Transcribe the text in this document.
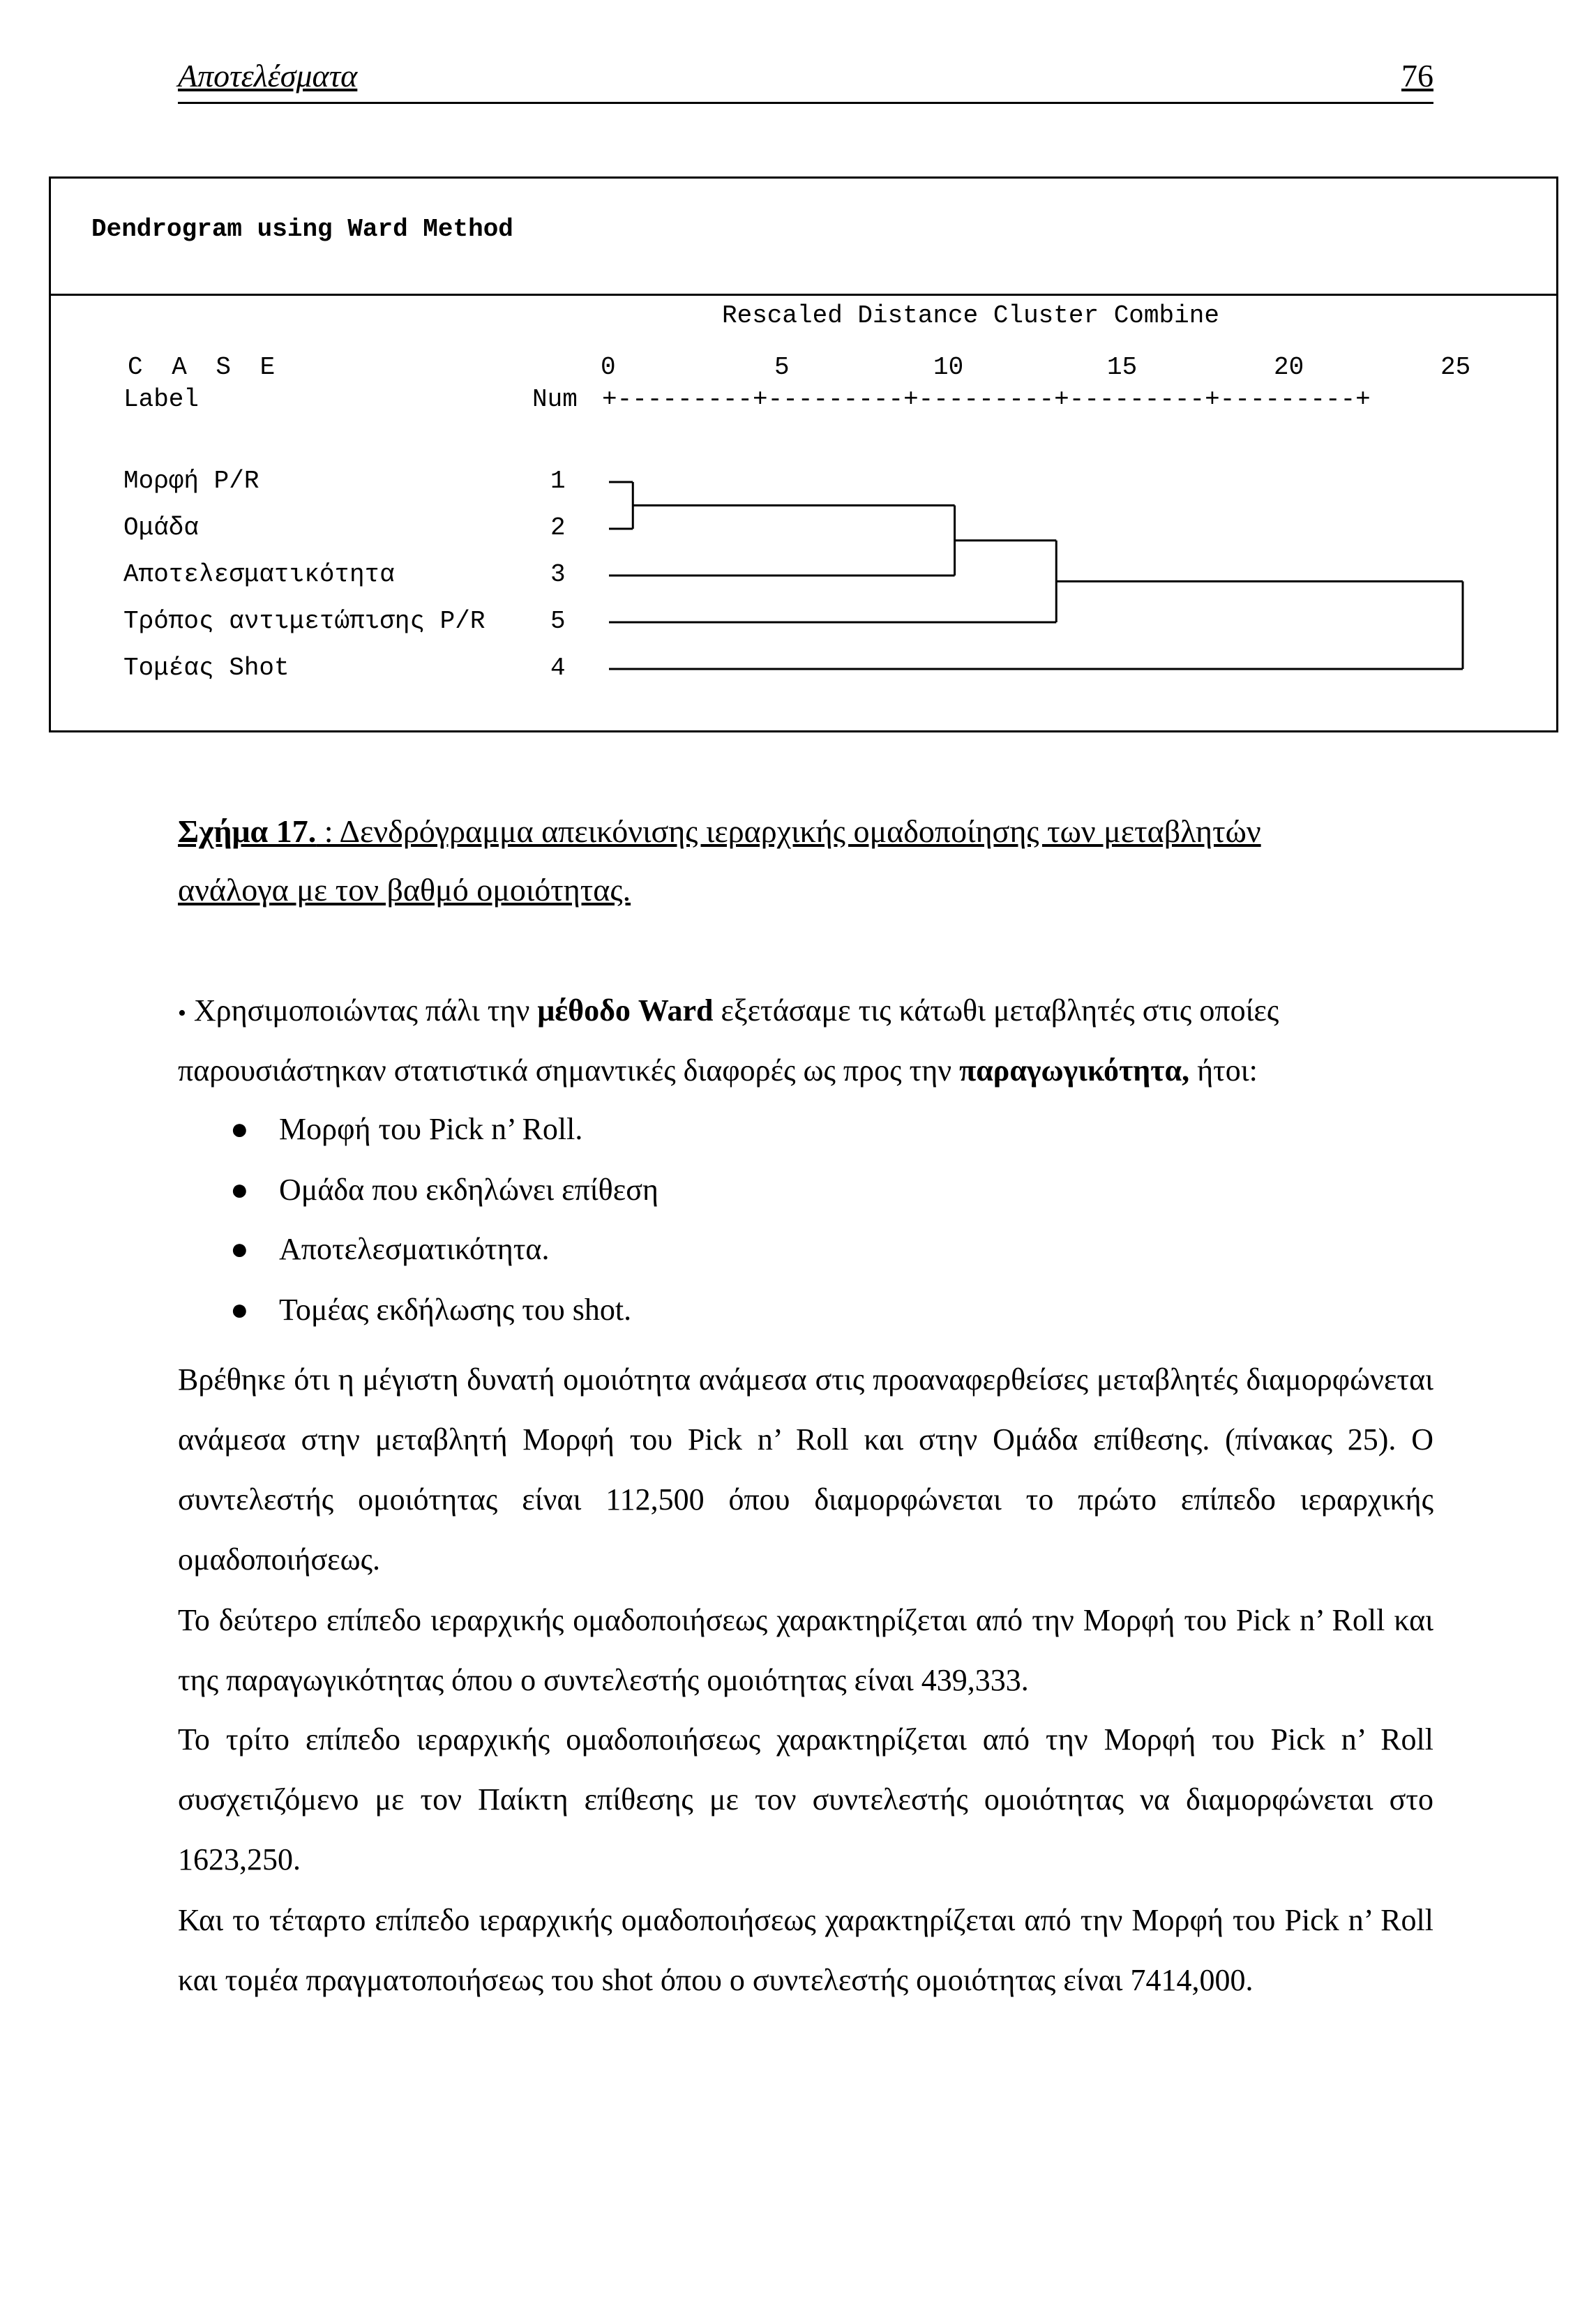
Αποτελέσματα	76
Dendrogram using Ward Method
Rescaled Distance Cluster Combine
C A S E
Label	Num +---------+---------+---------+---------+---------+
0	5	10	15	20	25
Μορφή P/R	1
Ομάδα	2
Αποτελεσματικότητα	3
Τρόπος αντιμετώπισης P/R	5
Τομέας Shot	4
Σχήμα 17. : Δενδρόγραμμα απεικόνισης ιεραρχικής ομαδοποίησης των μεταβλητών
ανάλογα με τον βαθμό ομοιότητας.
• Χρησιμοποιώντας πάλι την μέθοδο Ward εξετάσαμε τις κάτωθι μεταβλητές στις οποίες
παρουσιάστηκαν στατιστικά σημαντικές διαφορές ως προς την παραγωγικότητα, ήτοι:
● Μορφή του Pick n’ Roll.
● Ομάδα που εκδηλώνει επίθεση
● Αποτελεσματικότητα.
● Τομέας εκδήλωσης του shot.
Βρέθηκε ότι η μέγιστη δυνατή ομοιότητα ανάμεσα στις προαναφερθείσες μεταβλητές διαμορφώνεται ανάμεσα στην μεταβλητή Μορφή του Pick n’ Roll και στην Ομάδα επίθεσης. (πίνακας 25). Ο συντελεστής ομοιότητας είναι 112,500 όπου διαμορφώνεται το πρώτο επίπεδο ιεραρχικής ομαδοποιήσεως.
Το δεύτερο επίπεδο ιεραρχικής ομαδοποιήσεως χαρακτηρίζεται από την Μορφή του Pick n’ Roll και της παραγωγικότητας όπου ο συντελεστής ομοιότητας είναι 439,333.
Το τρίτο επίπεδο ιεραρχικής ομαδοποιήσεως χαρακτηρίζεται από την Μορφή του Pick n’ Roll συσχετιζόμενο με τον Παίκτη επίθεσης με τον συντελεστής ομοιότητας να διαμορφώνεται στο 1623,250.
Και το τέταρτο επίπεδο ιεραρχικής ομαδοποιήσεως χαρακτηρίζεται από την Μορφή του Pick n’ Roll και τομέα πραγματοποιήσεως του shot όπου ο συντελεστής ομοιότητας είναι 7414,000.
